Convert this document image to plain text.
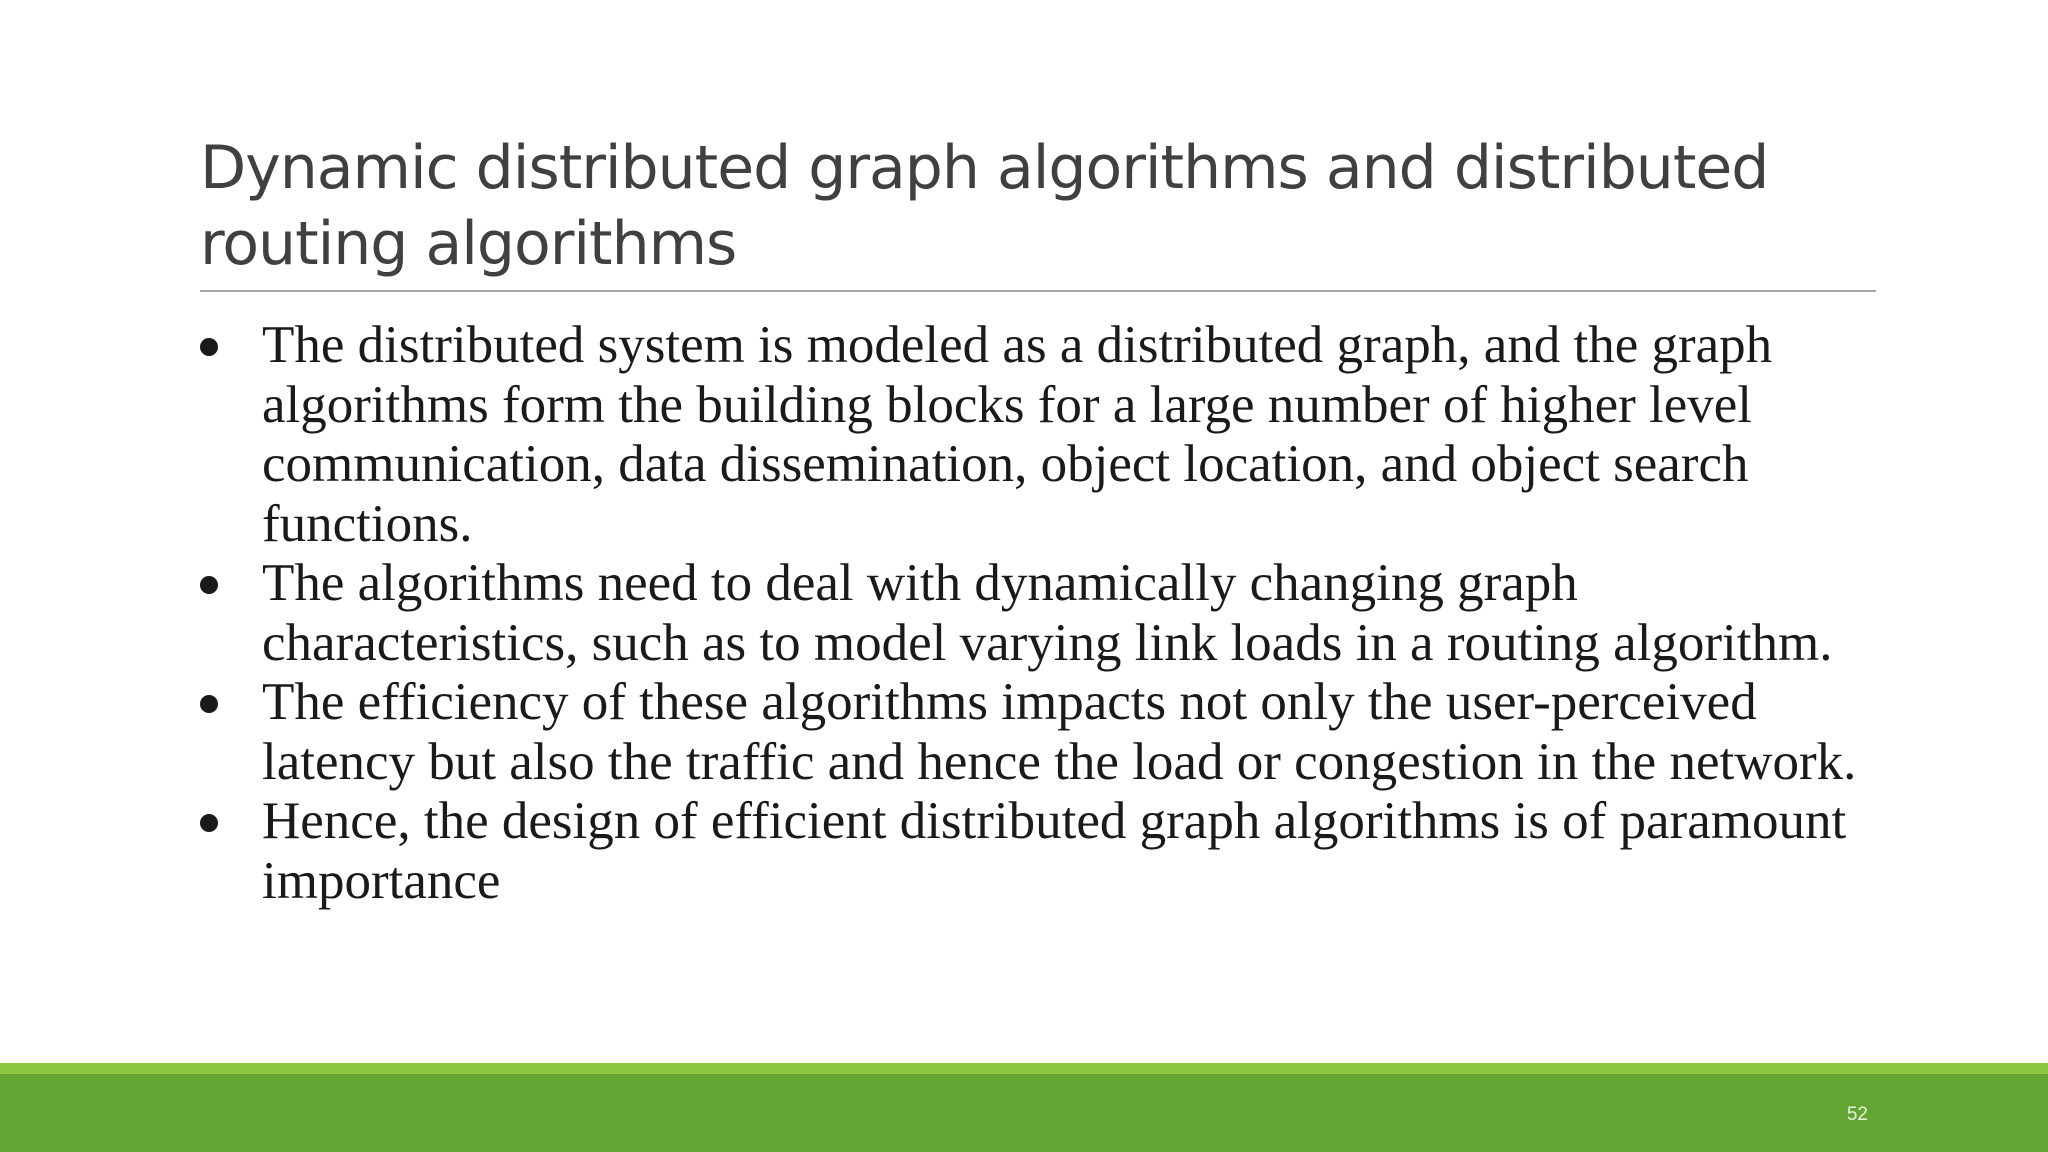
Dynamic distributed graph algorithms and distributed routing algorithms
The distributed system is modeled as a distributed graph, and the graph algorithms form the building blocks for a large number of higher level communication, data dissemination, object location, and object search functions.
The algorithms need to deal with dynamically changing graph characteristics, such as to model varying link loads in a routing algorithm.
The efficiency of these algorithms impacts not only the user-perceived latency but also the traffic and hence the load or congestion in the network.
Hence, the design of efficient distributed graph algorithms is of paramount importance
52
